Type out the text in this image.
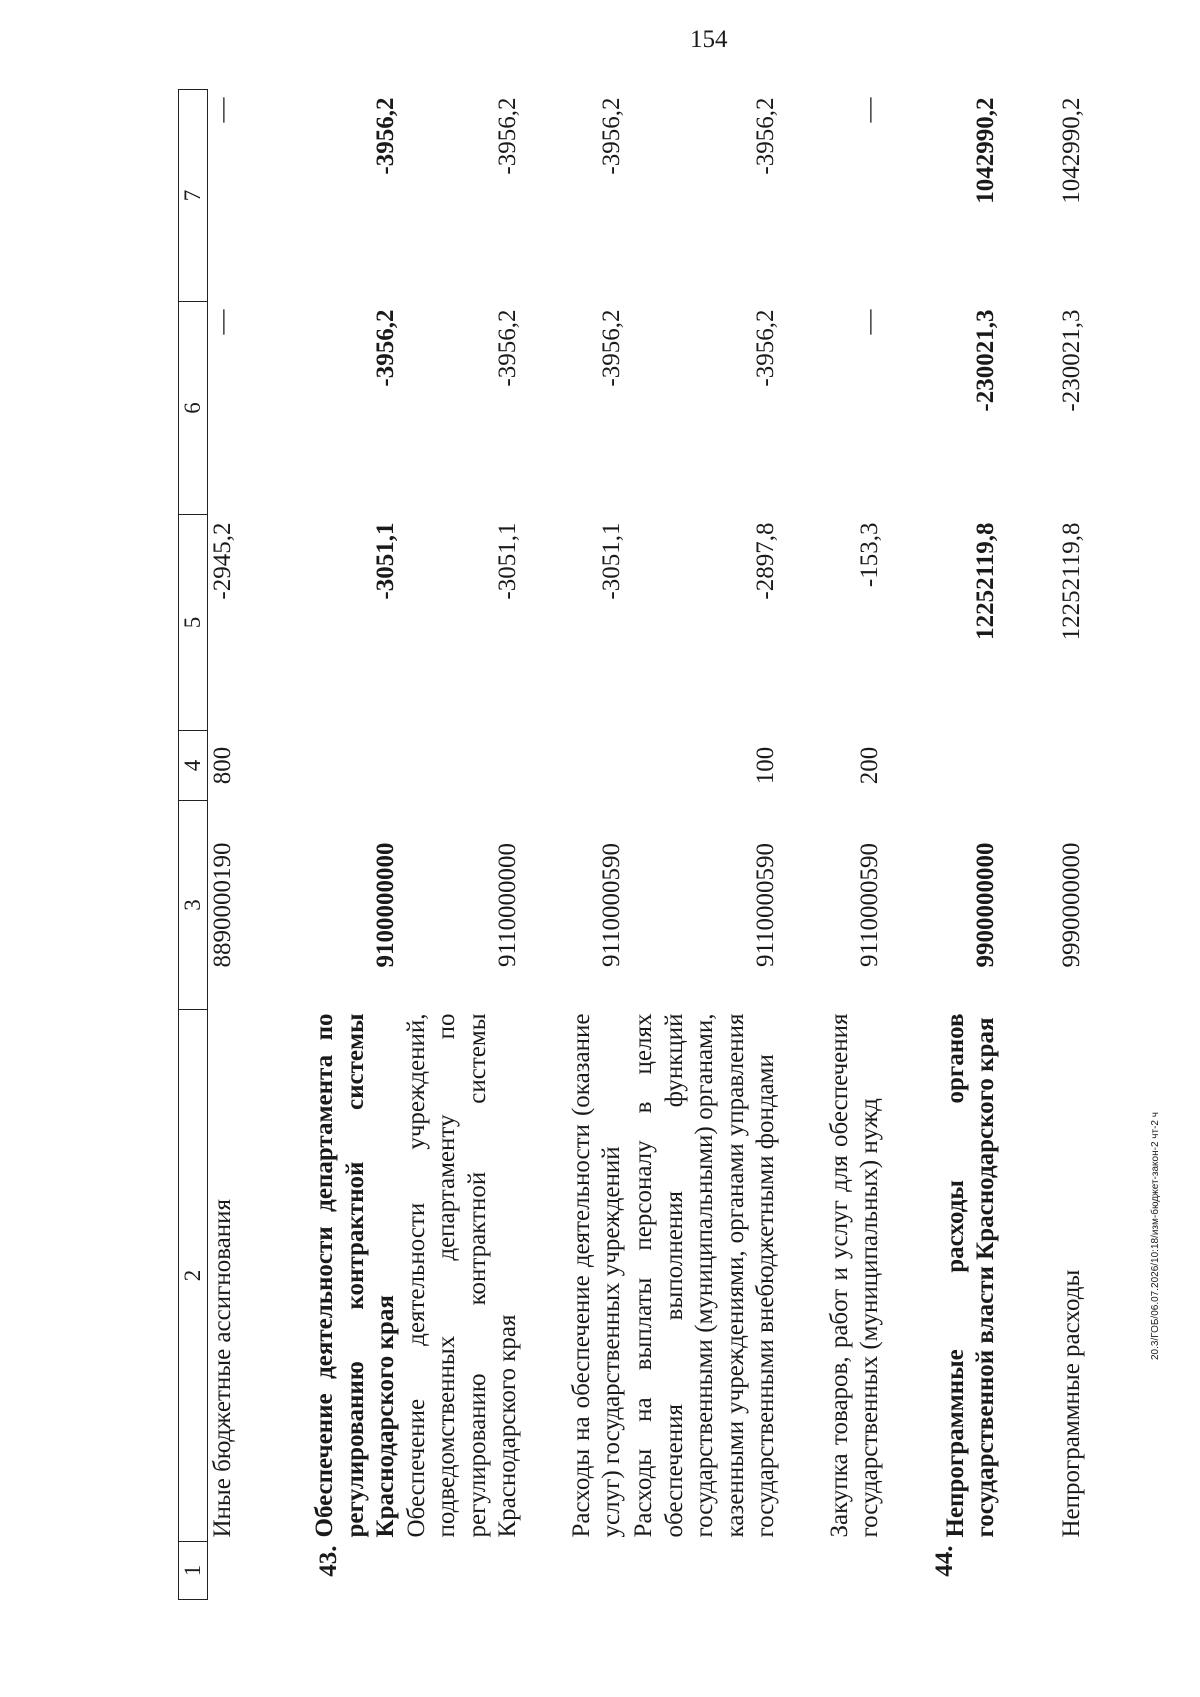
154
20.3/ГОБ/06.07.2026/10:18/изм-бюджет-закон-2 чт-2 ч
1	2	3	4	5	6	7
	Иные бюджетные ассигнования	8890000190	800	-2945,2	—	—
43.	Обеспечение деятельности департамента по регулированию контрактной системы Краснодарского края	9100000000		-3051,1	-3956,2	-3956,2
	Обеспечение деятельности учреждений, подведомственных департаменту по регулированию контрактной системы Краснодарского края	9110000000		-3051,1	-3956,2	-3956,2
	Расходы на обеспечение деятельности (оказание услуг) государственных учреждений	9110000590		-3051,1	-3956,2	-3956,2
	Расходы на выплаты персоналу в целях обеспечения выполнения функций государственными (муниципальными) органами, казенными учреждениями, органами управления государственными внебюджетными фондами	9110000590	100	-2897,8	-3956,2	-3956,2
	Закупка товаров, работ и услуг для обеспечения государственных (муниципальных) нужд	9110000590	200	-153,3	—	—
44.	Непрограммные расходы органов государственной власти Краснодарского края	9900000000		12252119,8	-230021,3	1042990,2
	Непрограммные расходы	9990000000		12252119,8	-230021,3	1042990,2
